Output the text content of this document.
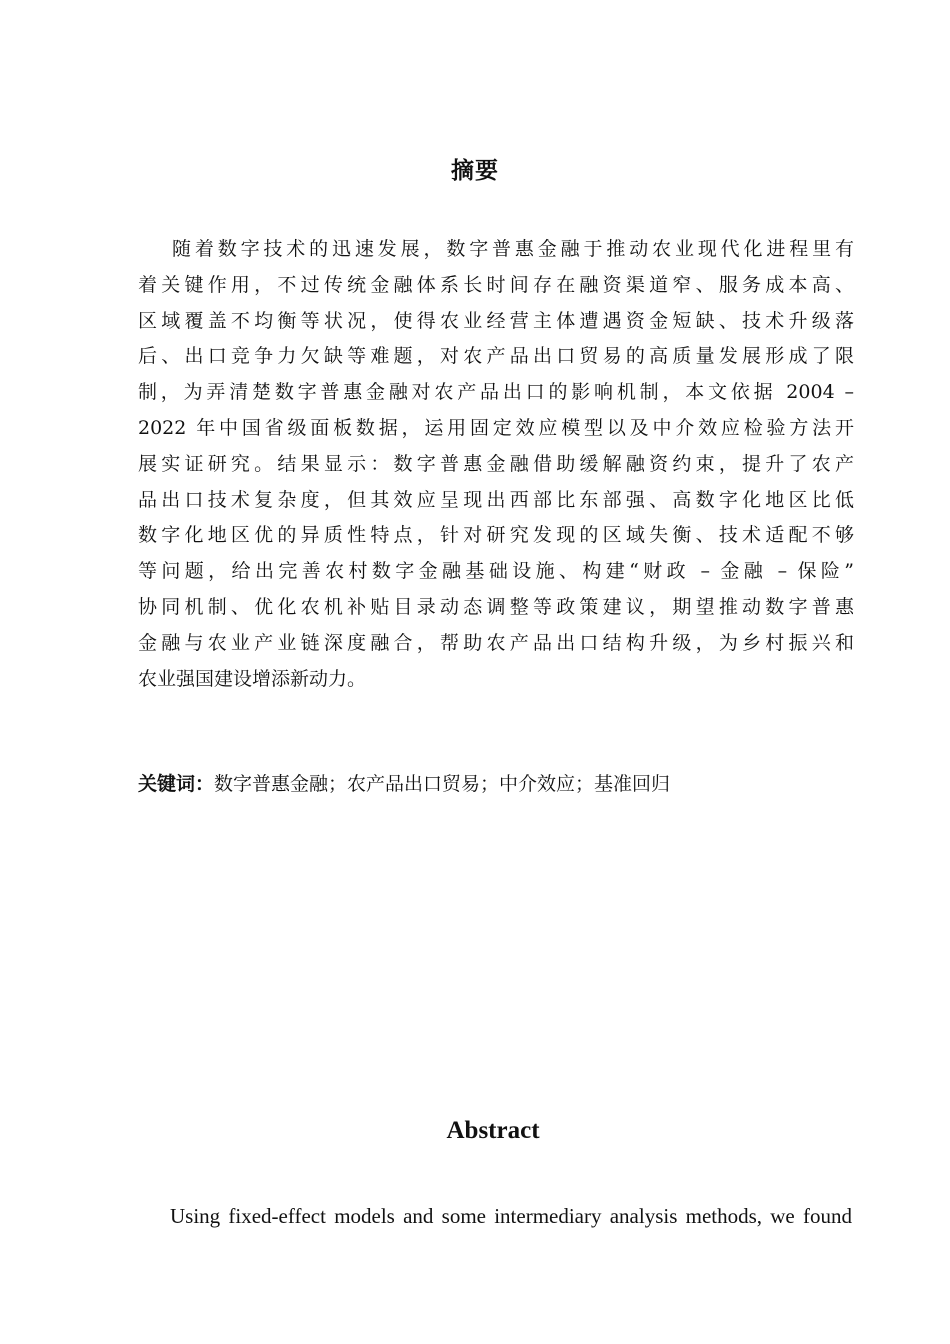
摘要
随着数字技术的迅速发展，数字普惠金融于推动农业现代化进程里有
着关键作用，不过传统金融体系长时间存在融资渠道窄、服务成本高、
区域覆盖不均衡等状况，使得农业经营主体遭遇资金短缺、技术升级落
后、出口竞争力欠缺等难题，对农产品出口贸易的高质量发展形成了限
制，为弄清楚数字普惠金融对农产品出口的影响机制，本文依据 2004 –
2022 年中国省级面板数据，运用固定效应模型以及中介效应检验方法开
展实证研究。结果显示：数字普惠金融借助缓解融资约束，提升了农产
品出口技术复杂度，但其效应呈现出西部比东部强、高数字化地区比低
数字化地区优的异质性特点，针对研究发现的区域失衡、技术适配不够
等问题，给出完善农村数字金融基础设施、构建“财政 – 金融 – 保险”
协同机制、优化农机补贴目录动态调整等政策建议，期望推动数字普惠
金融与农业产业链深度融合，帮助农产品出口结构升级，为乡村振兴和
农业强国建设增添新动力。
关键词：数字普惠金融；农产品出口贸易；中介效应；基准回归
Abstract
Using fixed-effect models and some intermediary analysis methods, we found
